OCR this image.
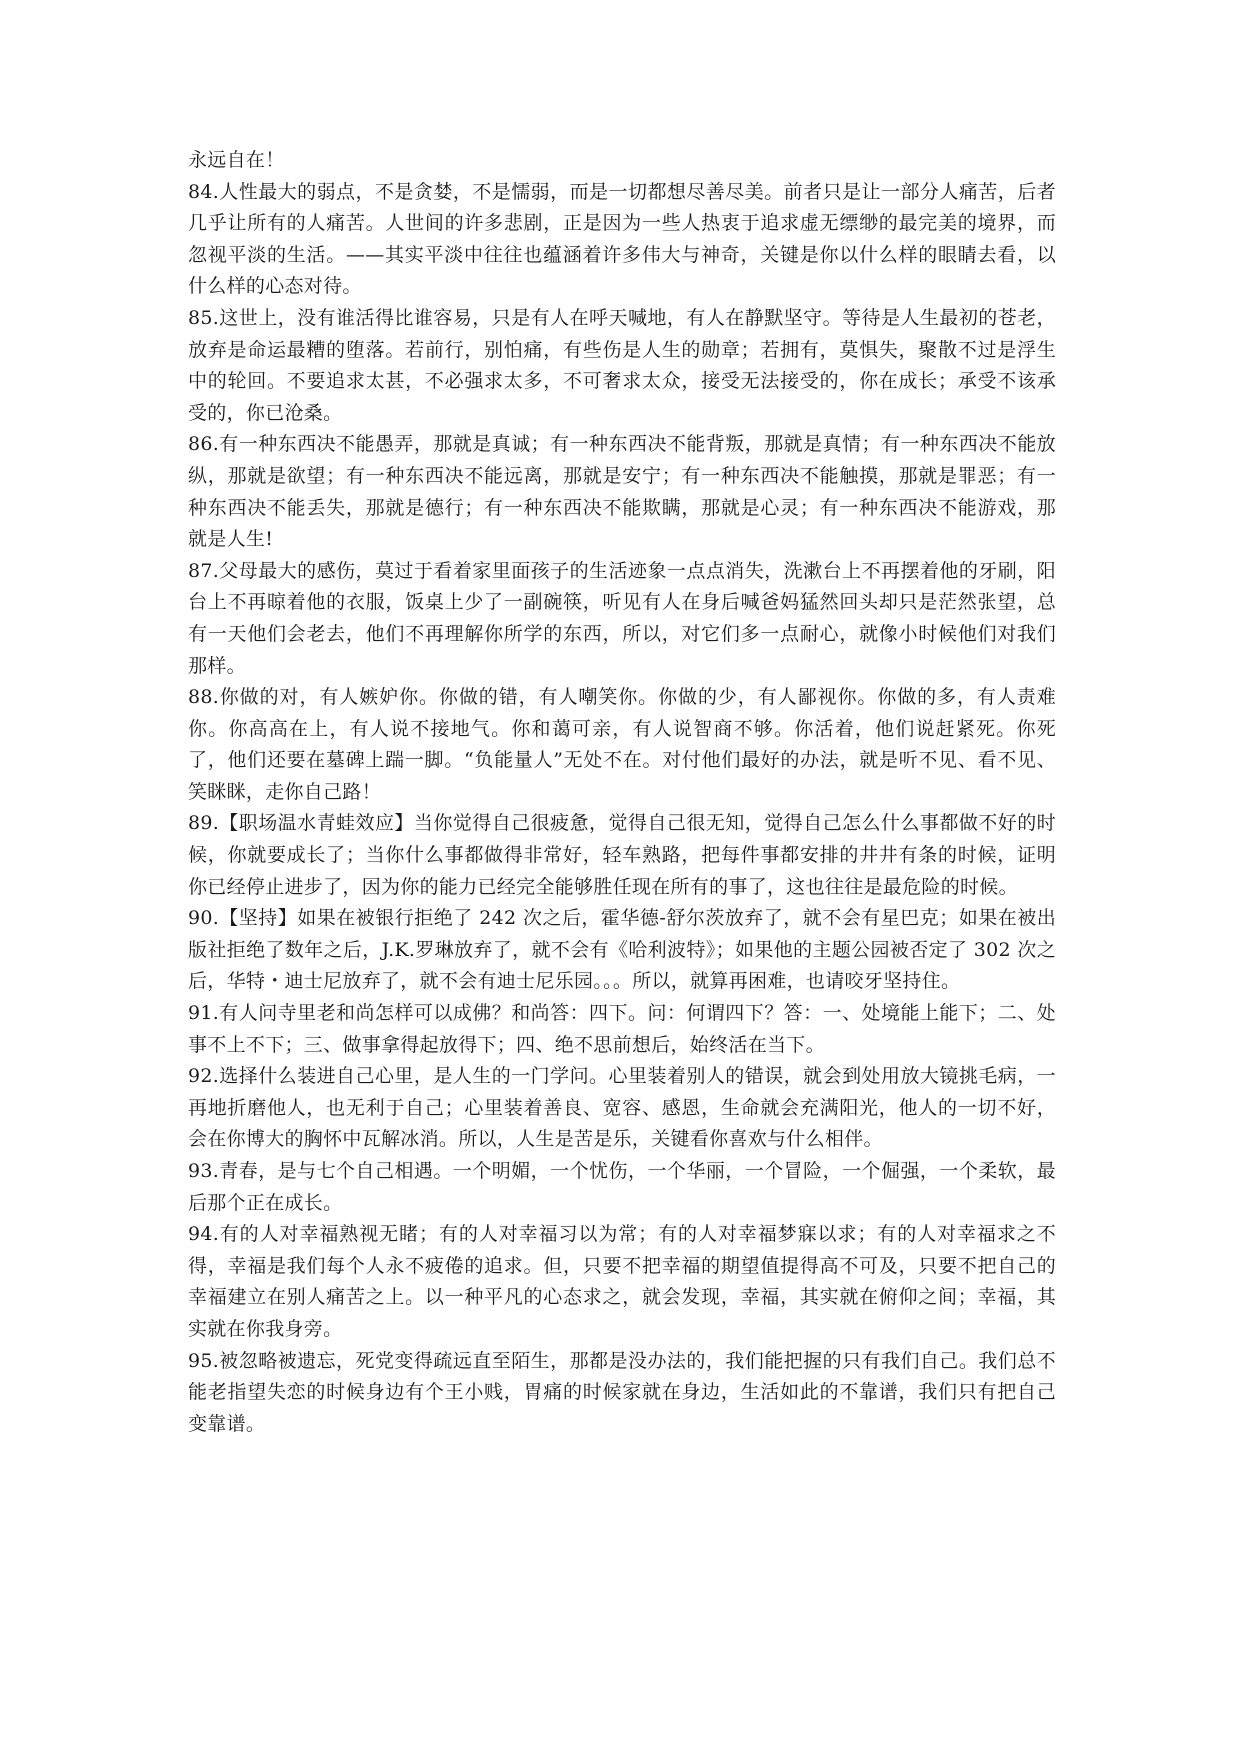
永远自在！

84.人性最大的弱点，不是贪婪，不是懦弱，而是一切都想尽善尽美。前者只是让一部分人痛苦，后者几乎让所有的人痛苦。人世间的许多悲剧，正是因为一些人热衷于追求虚无缥缈的最完美的境界，而忽视平淡的生活。——其实平淡中往往也蕴涵着许多伟大与神奇，关键是你以什么样的眼睛去看，以什么样的心态对待。

85.这世上，没有谁活得比谁容易，只是有人在呼天喊地，有人在静默坚守。等待是人生最初的苍老，放弃是命运最糟的堕落。若前行，别怕痛，有些伤是人生的勋章；若拥有，莫惧失，聚散不过是浮生中的轮回。不要追求太甚，不必强求太多，不可奢求太众，接受无法接受的，你在成长；承受不该承受的，你已沧桑。

86.有一种东西决不能愚弄，那就是真诚；有一种东西决不能背叛，那就是真情；有一种东西决不能放纵，那就是欲望；有一种东西决不能远离，那就是安宁；有一种东西决不能触摸，那就是罪恶；有一种东西决不能丢失，那就是德行；有一种东西决不能欺瞒，那就是心灵；有一种东西决不能游戏，那就是人生!

87.父母最大的感伤，莫过于看着家里面孩子的生活迹象一点点消失，洗漱台上不再摆着他的牙刷，阳台上不再晾着他的衣服，饭桌上少了一副碗筷，听见有人在身后喊爸妈猛然回头却只是茫然张望，总有一天他们会老去，他们不再理解你所学的东西，所以，对它们多一点耐心，就像小时候他们对我们那样。

88.你做的对，有人嫉妒你。你做的错，有人嘲笑你。你做的少，有人鄙视你。你做的多，有人责难你。你高高在上，有人说不接地气。你和蔼可亲，有人说智商不够。你活着，他们说赶紧死。你死了，他们还要在墓碑上踹一脚。“负能量人”无处不在。对付他们最好的办法，就是听不见、看不见、笑眯眯，走你自己路！

89.【职场温水青蛙效应】当你觉得自己很疲惫，觉得自己很无知，觉得自己怎么什么事都做不好的时候，你就要成长了；当你什么事都做得非常好，轻车熟路，把每件事都安排的井井有条的时候，证明你已经停止进步了，因为你的能力已经完全能够胜任现在所有的事了，这也往往是最危险的时候。

90.【坚持】如果在被银行拒绝了 242 次之后，霍华德-舒尔茨放弃了，就不会有星巴克；如果在被出版社拒绝了数年之后，J.K.罗琳放弃了，就不会有《哈利波特》；如果他的主题公园被否定了 302 次之后，华特・迪士尼放弃了，就不会有迪士尼乐园。。。所以，就算再困难，也请咬牙坚持住。

91.有人问寺里老和尚怎样可以成佛？和尚答：四下。问：何谓四下？答：一、处境能上能下；二、处事不上不下；三、做事拿得起放得下；四、绝不思前想后，始终活在当下。

92.选择什么装进自己心里，是人生的一门学问。心里装着别人的错误，就会到处用放大镜挑毛病，一再地折磨他人，也无利于自己；心里装着善良、宽容、感恩，生命就会充满阳光，他人的一切不好，会在你博大的胸怀中瓦解冰消。所以，人生是苦是乐，关键看你喜欢与什么相伴。

93.青春，是与七个自己相遇。一个明媚，一个忧伤，一个华丽，一个冒险，一个倔强，一个柔软，最后那个正在成长。

94.有的人对幸福熟视无睹；有的人对幸福习以为常；有的人对幸福梦寐以求；有的人对幸福求之不得，幸福是我们每个人永不疲倦的追求。但，只要不把幸福的期望值提得高不可及，只要不把自己的幸福建立在别人痛苦之上。以一种平凡的心态求之，就会发现，幸福，其实就在俯仰之间；幸福，其实就在你我身旁。

95.被忽略被遗忘，死党变得疏远直至陌生，那都是没办法的，我们能把握的只有我们自己。我们总不能老指望失恋的时候身边有个王小贱，胃痛的时候家就在身边，生活如此的不靠谱，我们只有把自己变靠谱。
